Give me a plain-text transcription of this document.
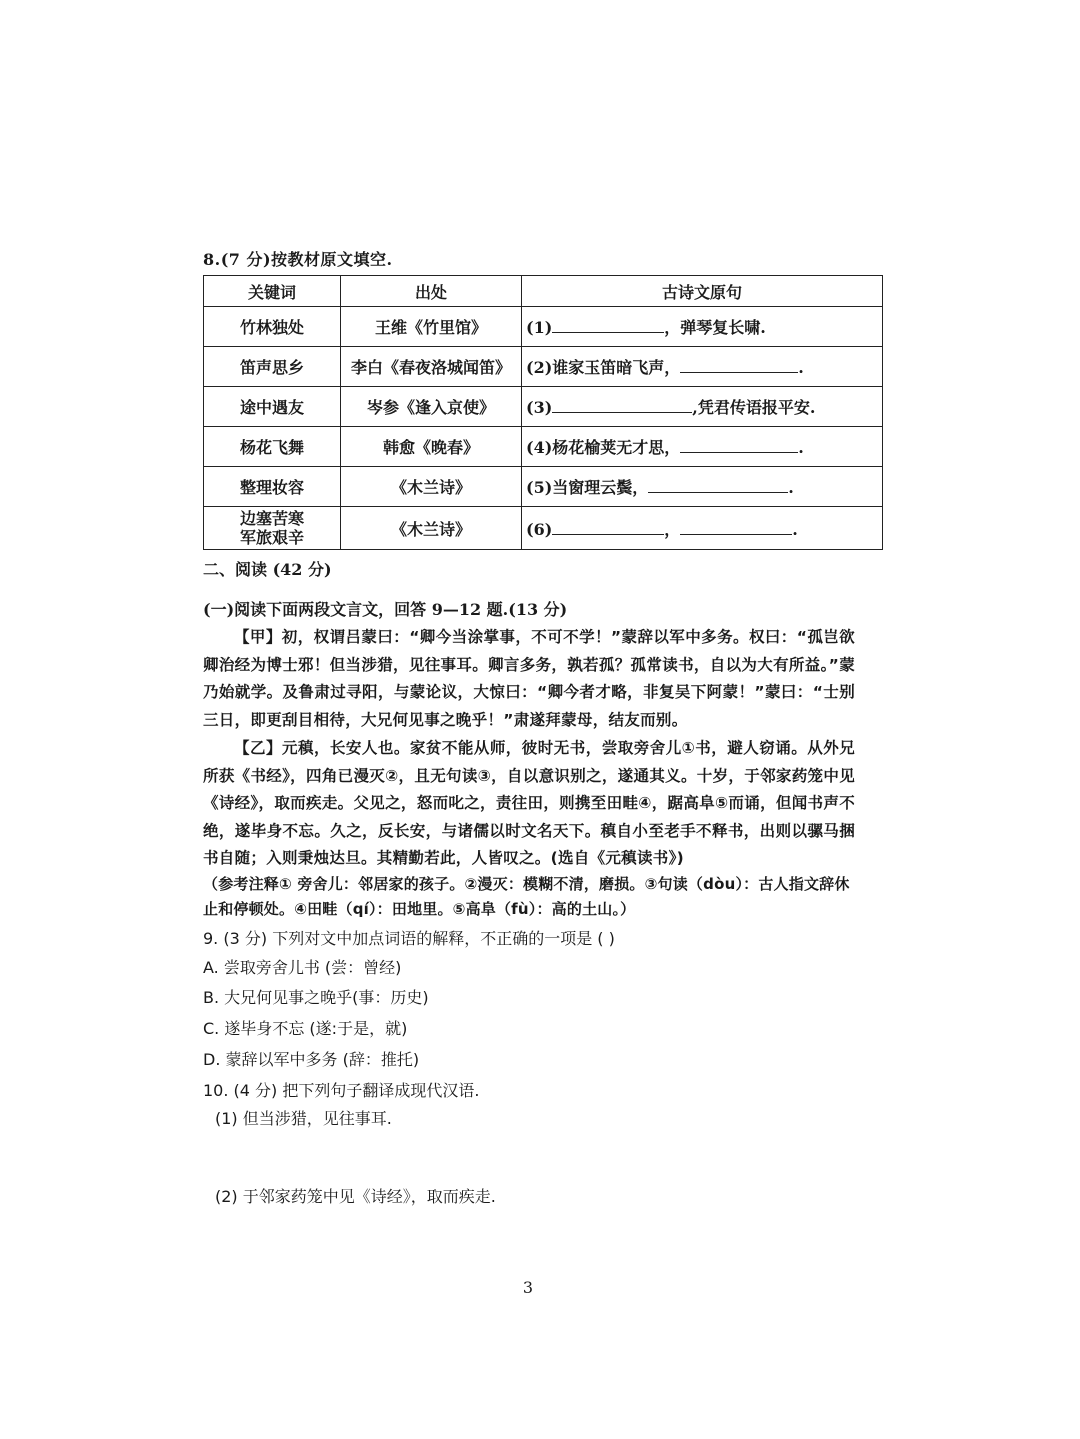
8.(7 分)按教材原文填空.
关键词	出处	古诗文原句
竹林独处	王维《竹里馆》	(1) ，弹琴复长啸.
笛声思乡	李白《春夜洛城闻笛》	(2)谁家玉笛暗飞声， .
途中遇友	岑参《逢入京使》	(3) ,凭君传语报平安.
杨花飞舞	韩愈《晚春》	(4)杨花榆荚无才思， .
整理妆容	《木兰诗》	(5)当窗理云鬓， .
边塞苦寒
军旅艰辛	《木兰诗》	(6) ， .
二、阅读 (42 分)
(一)阅读下面两段文言文，回答 9—12 题.(13 分)
【甲】初，权谓吕蒙曰：“卿今当涂掌事，不可不学！”蒙辞以军中多务。权曰：“孤岂欲卿治经为博士邪！但当涉猎，见往事耳。卿言多务，孰若孤？孤常读书，自以为大有所益。”蒙乃始就学。及鲁肃过寻阳，与蒙论议，大惊曰：“卿今者才略，非复吴下阿蒙！”蒙曰：“士别三日，即更刮目相待，大兄何见事之晚乎！”肃遂拜蒙母，结友而别。
【乙】元稹，长安人也。家贫不能从师，彼时无书，尝取旁舍儿①书，避人窃诵。从外兄所获《书经》，四角已漫灭②，且无句读③，自以意识别之，遂通其义。十岁，于邻家药笼中见《诗经》，取而疾走。父见之，怒而叱之，责往田，则携至田畦④，踞高阜⑤而诵，但闻书声不绝，遂毕身不忘。久之，反长安，与诸儒以时文名天下。稹自小至老手不释书，出则以骡马捆书自随；入则秉烛达旦。其精勤若此，人皆叹之。(选自《元稹读书》)
（参考注释① 旁舍儿：邻居家的孩子。②漫灭：模糊不清，磨损。③句读（dòu）：古人指文辞休止和停顿处。④田畦（qí）：田地里。⑤高阜（fù）：高的土山。）
9. (3 分) 下列对文中加点词语的解释，不正确的一项是 ( )
A. 尝取旁舍儿书 (尝：曾经)
B. 大兄何见事之晚乎(事：历史)
C. 遂毕身不忘 (遂:于是，就)
D. 蒙辞以军中多务 (辞：推托)
10. (4 分) 把下列句子翻译成现代汉语.
(1) 但当涉猎，见往事耳.
(2) 于邻家药笼中见《诗经》，取而疾走.
3
